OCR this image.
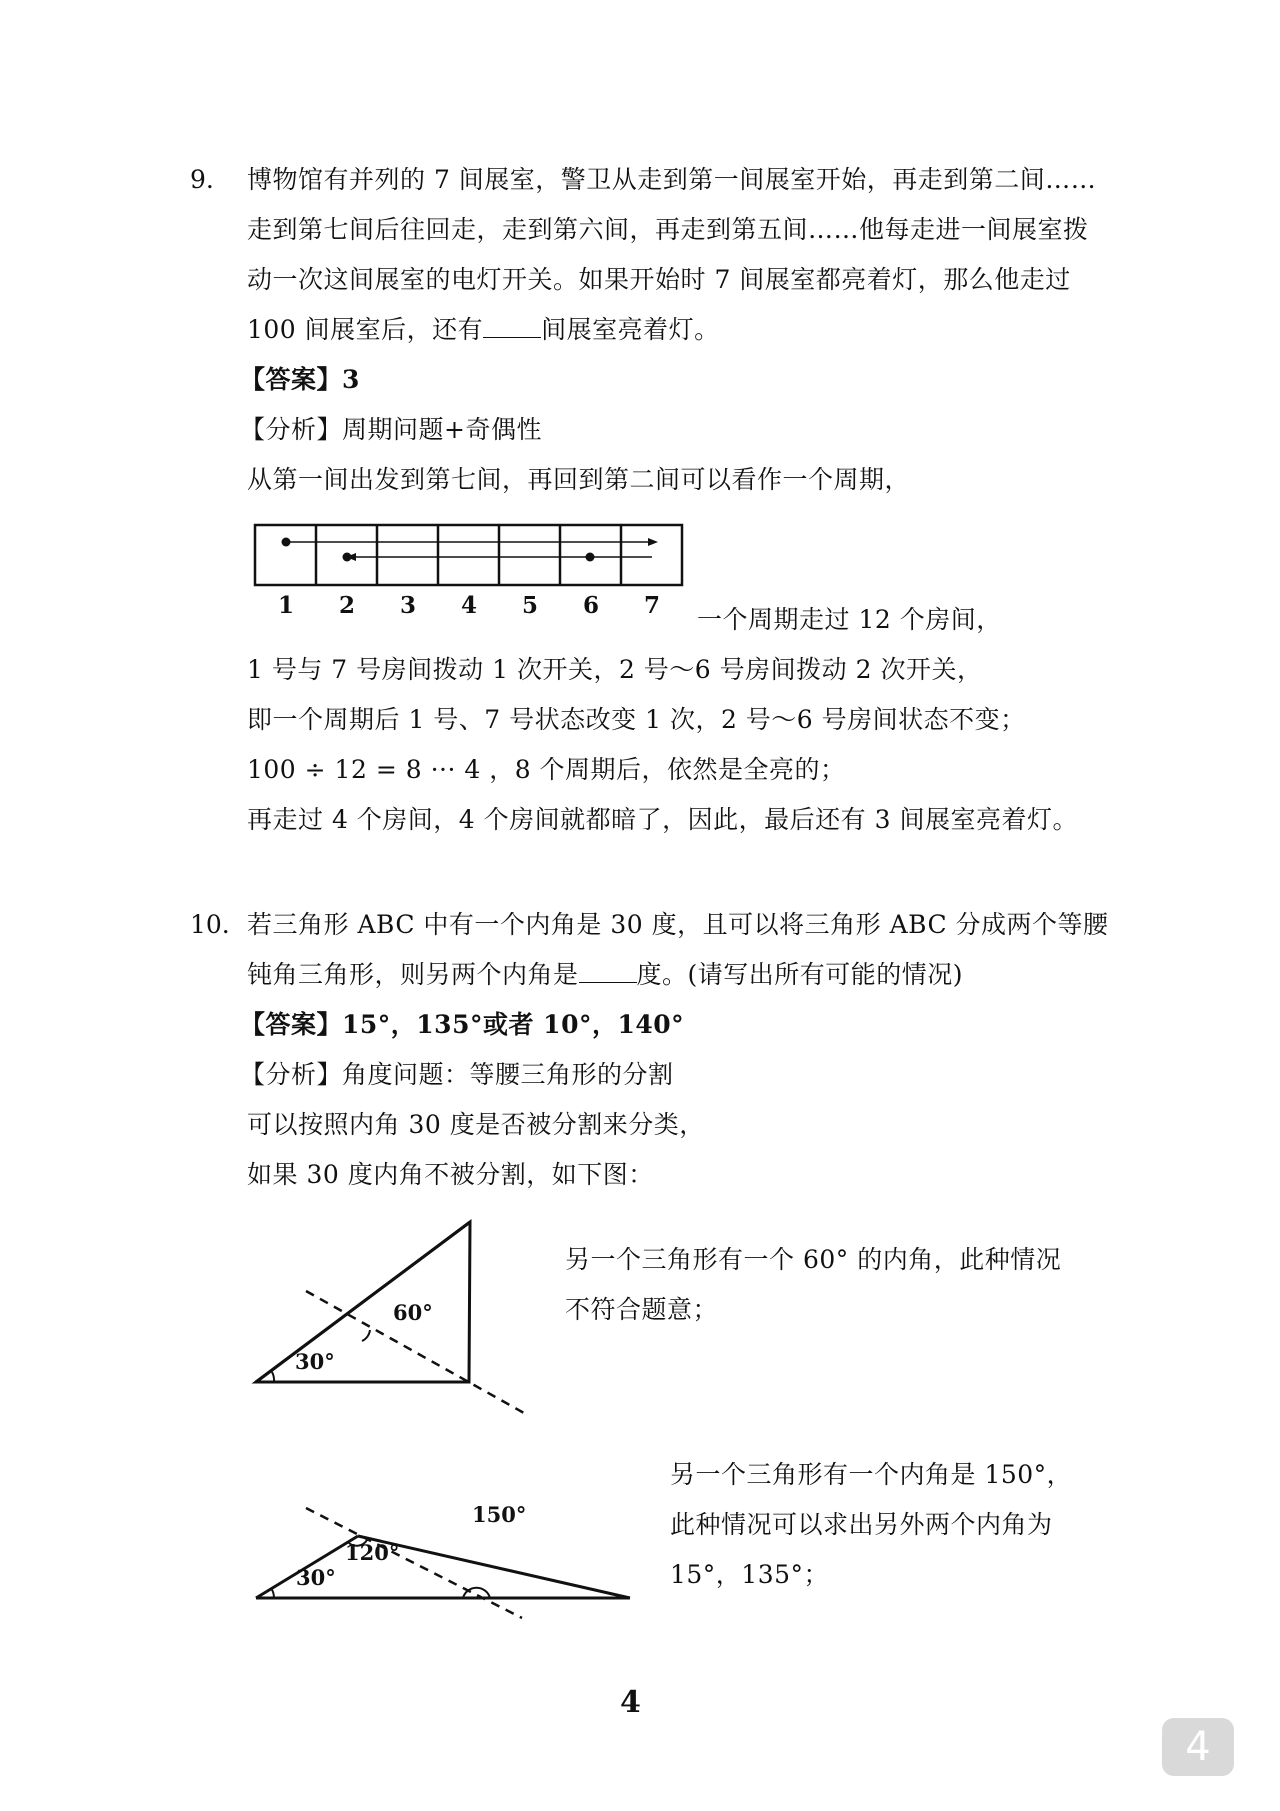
9. 博物馆有并列的 7 间展室，警卫从走到第一间展室开始，再走到第二间……
走到第七间后往回走，走到第六间，再走到第五间……他每走进一间展室拨
动一次这间展室的电灯开关。如果开始时 7 间展室都亮着灯，那么他走过
100 间展室后，还有 间展室亮着灯。
【答案】3
【分析】周期问题+奇偶性
从第一间出发到第七间，再回到第二间可以看作一个周期，
1	2	3	4	5	6	7 一个周期走过 12 个房间，
1 号与 7 号房间拨动 1 次开关，2 号～6 号房间拨动 2 次开关，
即一个周期后 1 号、7 号状态改变 1 次，2 号～6 号房间状态不变；
100 ÷ 12 = 8 ··· 4 ，8 个周期后，依然是全亮的；
再走过 4 个房间，4 个房间就都暗了，因此，最后还有 3 间展室亮着灯。
10. 若三角形 ABC 中有一个内角是 30 度，且可以将三角形 ABC 分成两个等腰
钝角三角形，则另两个内角是 度。(请写出所有可能的情况)
【答案】15°，135°或者 10°，140°
【分析】角度问题：等腰三角形的分割
可以按照内角 30 度是否被分割来分类，
如果 30 度内角不被分割，如下图：
30°
60°
另一个三角形有一个 60° 的内角，此种情况
不符合题意；
30°
120°
150°
另一个三角形有一个内角是 150°，
此种情况可以求出另外两个内角为
15°，135°；
4
4
